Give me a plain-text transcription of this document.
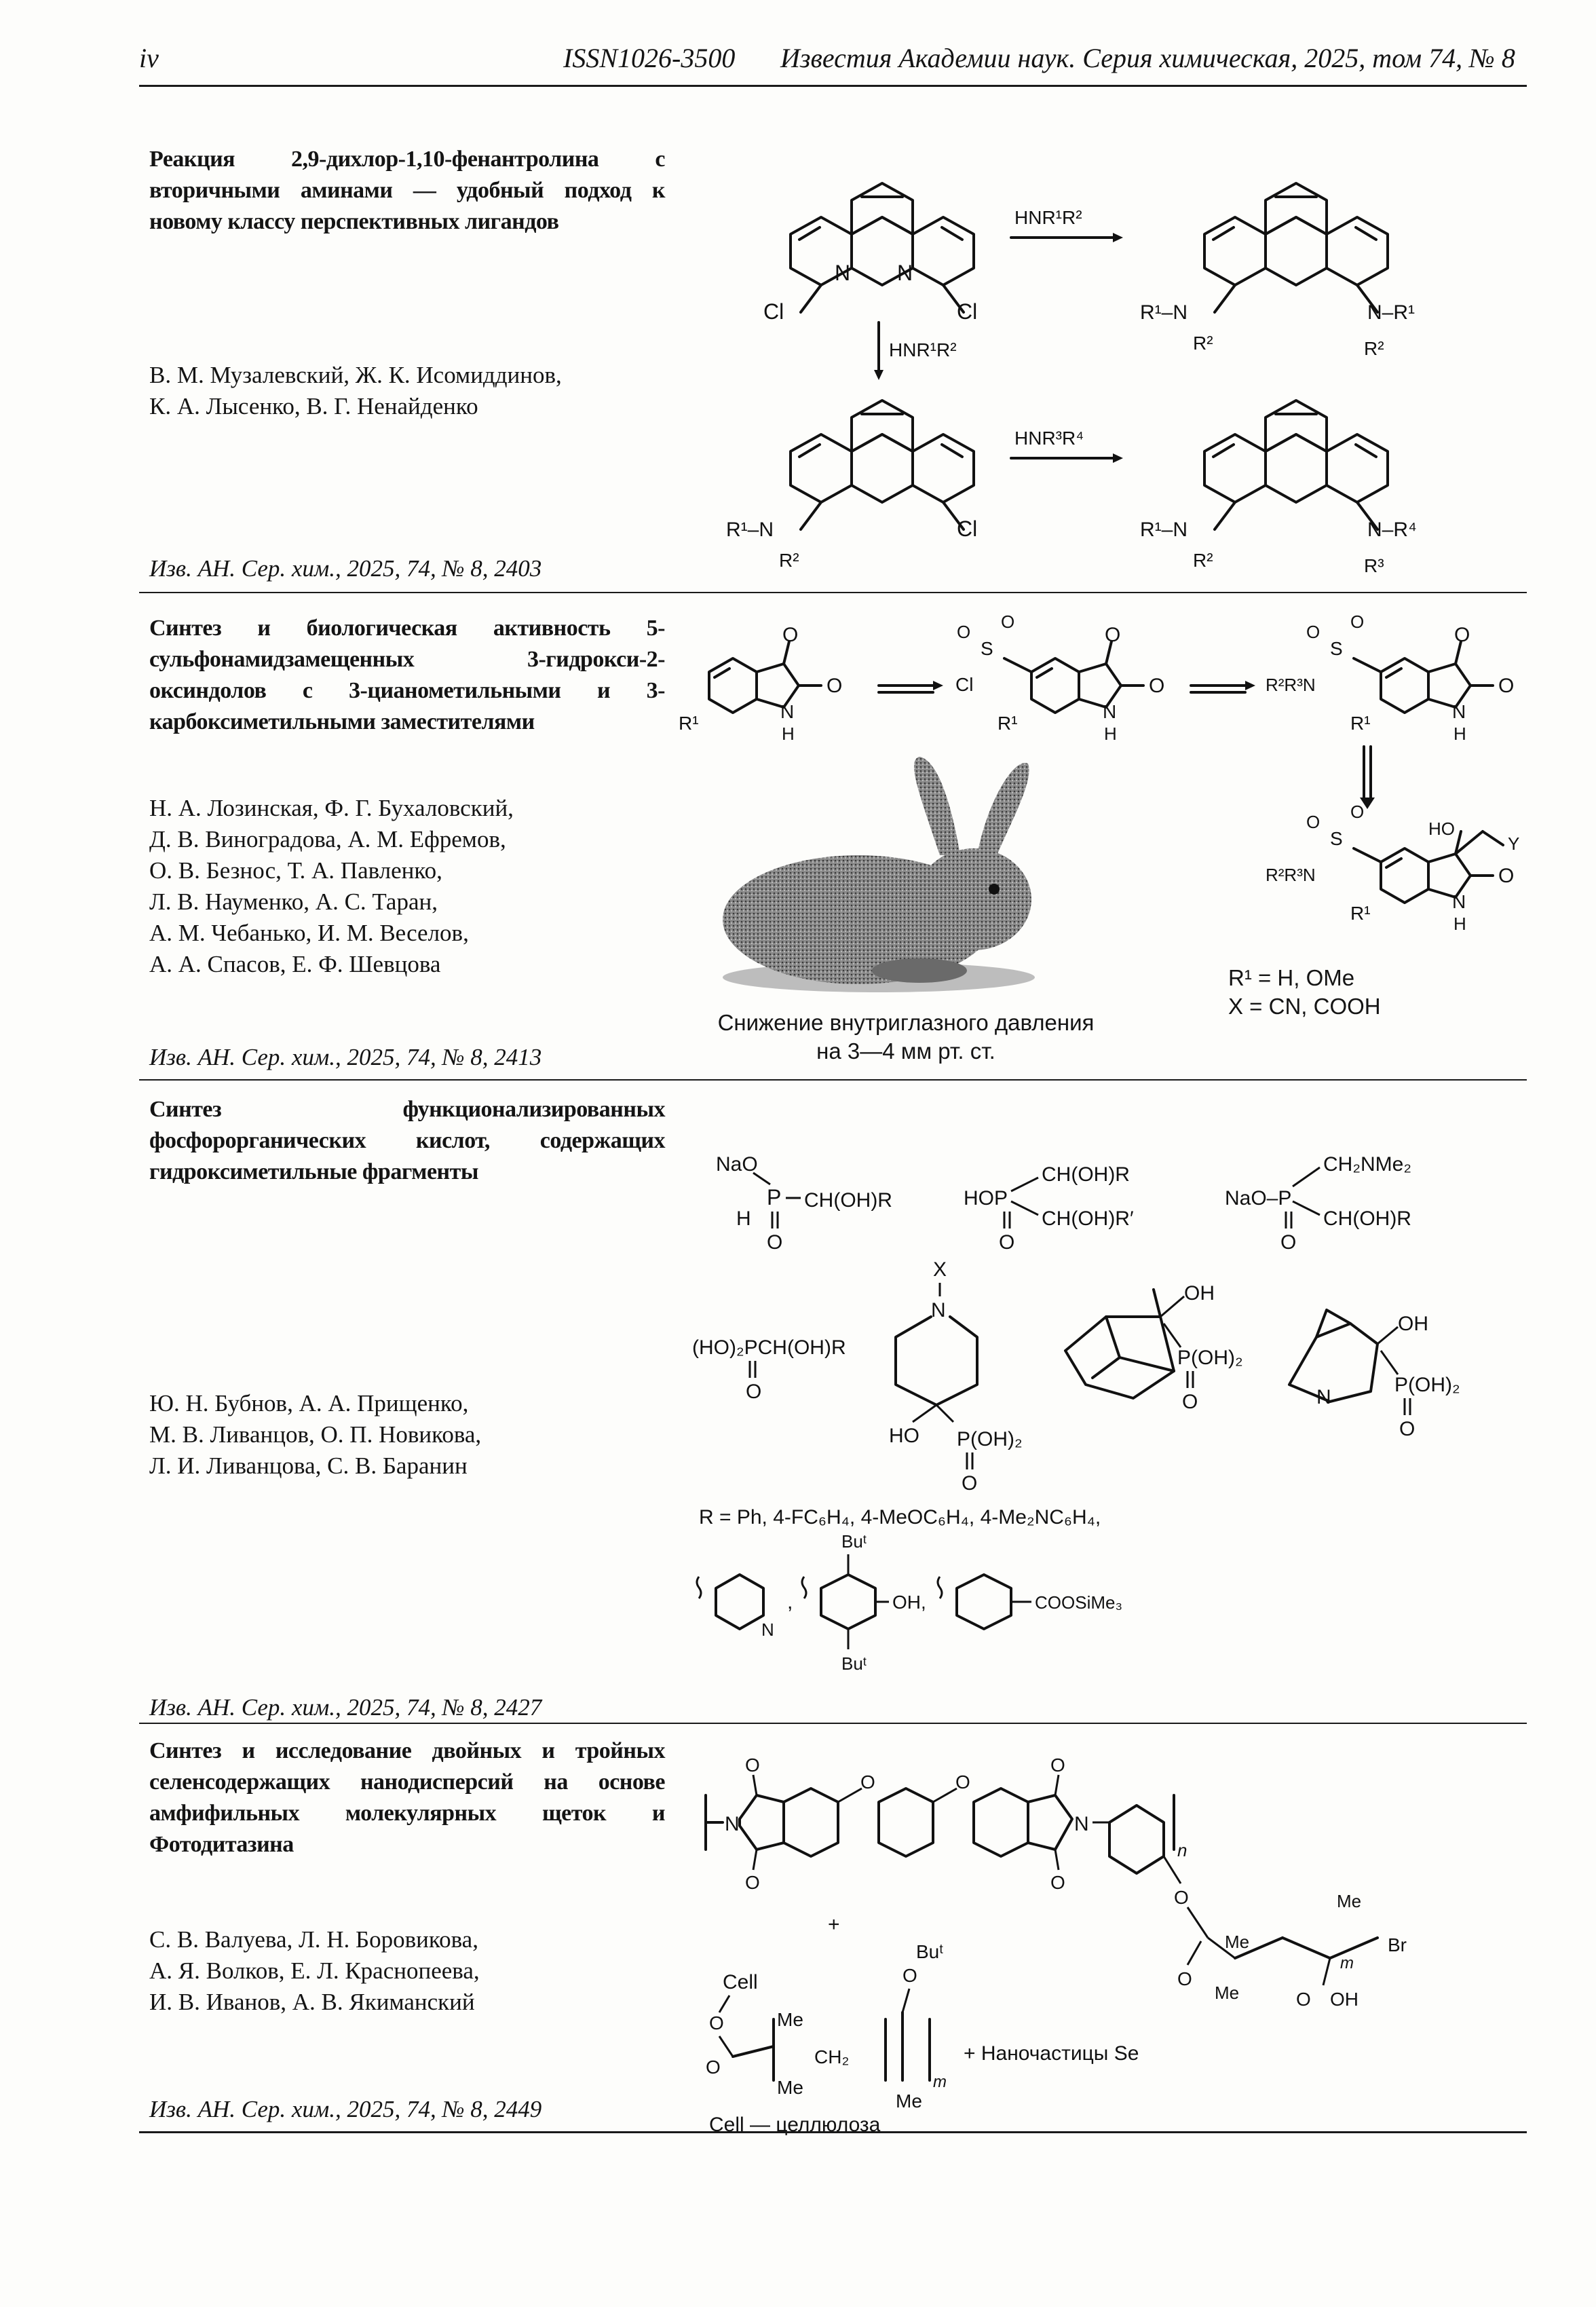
iv	ISSN1026-3500 Известия Академии наук. Серия химическая, 2025, том 74, № 8
Реакция 2,9-дихлор-1,10-фенантролина с вторичными аминами — удобный подход к новому классу перспективных лигандов
В. М. Музалевский, Ж. К. Исомиддинов,
К. А. Лысенко, В. Г. Ненайденко
Изв. АН. Сер. хим., 2025, 74, № 8, 2403
Cl	Cl
N N
HNR¹R²
R¹–N
R²
N–R¹
R²
HNR¹R²
R¹–N
R²
Cl
HNR³R⁴
R¹–N
R²
N–R⁴
R³
Синтез и биологическая активность 5-сульфонамидзамещенных 3-гидрокси-2-оксиндолов с 3-цианометильными и 3-карбоксиметильными заместителями
Н. А. Лозинская, Ф. Г. Бухаловский,
Д. В. Виноградова, А. М. Ефремов,
О. В. Безнос, Т. А. Павленко,
Л. В. Науменко, А. С. Таран,
А. М. Чебанько, И. М. Веселов,
А. А. Спасов, Е. Ф. Шевцова
Изв. АН. Сер. хим., 2025, 74, № 8, 2413
O
O
N
H
R¹
S
O O
Cl
O
O
N
H
R¹
S
O O
R²R³N
O
O
N
H
R¹
HO
Y
S
O O
R²R³N	O
N
H
R¹
Снижение внутриглазного давления
на 3—4 мм рт. ст.
R¹ = H, OMe
X = CN, COOH
Синтез функционализированных фосфорорганических кислот, содержащих гидроксиметильные фрагменты
Ю. Н. Бубнов, А. А. Прищенко,
М. В. Ливанцов, О. П. Новикова,
Л. И. Ливанцова, С. В. Баранин
Изв. АН. Сер. хим., 2025, 74, № 8, 2427
NaO
P CH(OH)R
H
O
HOP
CH(OH)R
CH(OH)R′
O
NaO–P
CH₂NMe₂
CH(OH)R
O
(HO)₂PCH(OH)R
O
X
N
HO P(OH)₂
O
OH
P(OH)₂
O	N
OH
P(OH)₂
O
R = Ph, 4-FC₆H₄, 4-MeOC₆H₄, 4-Me₂NC₆H₄,
N
,
Buᵗ
Buᵗ
OH,	COOSiMe₃
Синтез и исследование двойных и тройных селенсодержащих нанодисперсий на основе амфифильных молекулярных щеток и Фотодитазина
С. В. Валуева, Л. Н. Боровикова,
А. Я. Волков, Е. Л. Краснопеева,
И. В. Иванов, А. В. Якиманский
Изв. АН. Сер. хим., 2025, 74, № 8, 2449
N
O
O
O	O
O
O
N
n
O
O
Me
Me
Me
Br
m
O OH
+
Cell
O
O
Me
Me
CH₂
Me
O
Buᵗ
m
+ Наночастицы Se
Cell — целлюлоза
